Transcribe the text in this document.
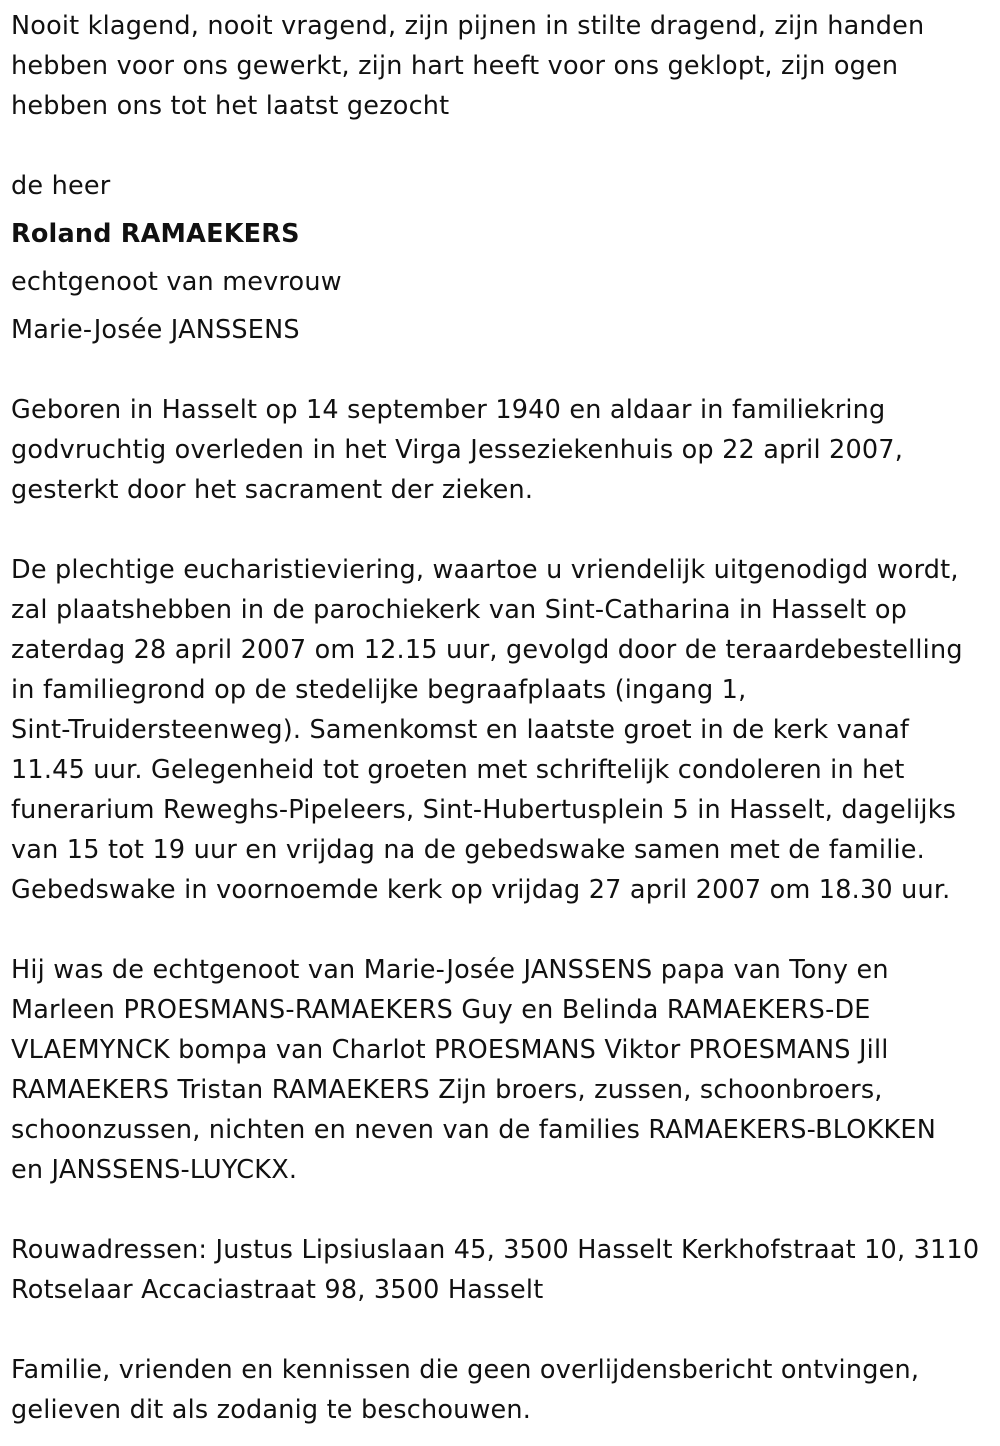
Nooit klagend, nooit vragend, zijn pijnen in stilte dragend, zijn handen
hebben voor ons gewerkt, zijn hart heeft voor ons geklopt, zijn ogen
hebben ons tot het laatst gezocht

de heer

Roland RAMAEKERS

echtgenoot van mevrouw

Marie-Josée JANSSENS

Geboren in Hasselt op 14 september 1940 en aldaar in familiekring
godvruchtig overleden in het Virga Jesseziekenhuis op 22 april 2007,
gesterkt door het sacrament der zieken.

De plechtige eucharistieviering, waartoe u vriendelijk uitgenodigd wordt,
zal plaatshebben in de parochiekerk van Sint-Catharina in Hasselt op
zaterdag 28 april 2007 om 12.15 uur, gevolgd door de teraardebestelling
in familiegrond op de stedelijke begraafplaats (ingang 1,
Sint-Truidersteenweg). Samenkomst en laatste groet in de kerk vanaf
11.45 uur. Gelegenheid tot groeten met schriftelijk condoleren in het
funerarium Reweghs-Pipeleers, Sint-Hubertusplein 5 in Hasselt, dagelijks
van 15 tot 19 uur en vrijdag na de gebedswake samen met de familie.
Gebedswake in voornoemde kerk op vrijdag 27 april 2007 om 18.30 uur.

Hij was de echtgenoot van Marie-Josée JANSSENS papa van Tony en
Marleen PROESMANS-RAMAEKERS Guy en Belinda RAMAEKERS-DE
VLAEMYNCK bompa van Charlot PROESMANS Viktor PROESMANS Jill
RAMAEKERS Tristan RAMAEKERS Zijn broers, zussen, schoonbroers,
schoonzussen, nichten en neven van de families RAMAEKERS-BLOKKEN
en JANSSENS-LUYCKX.

Rouwadressen: Justus Lipsiuslaan 45, 3500 Hasselt Kerkhofstraat 10, 3110
Rotselaar Accaciastraat 98, 3500 Hasselt

Familie, vrienden en kennissen die geen overlijdensbericht ontvingen,
gelieven dit als zodanig te beschouwen.
